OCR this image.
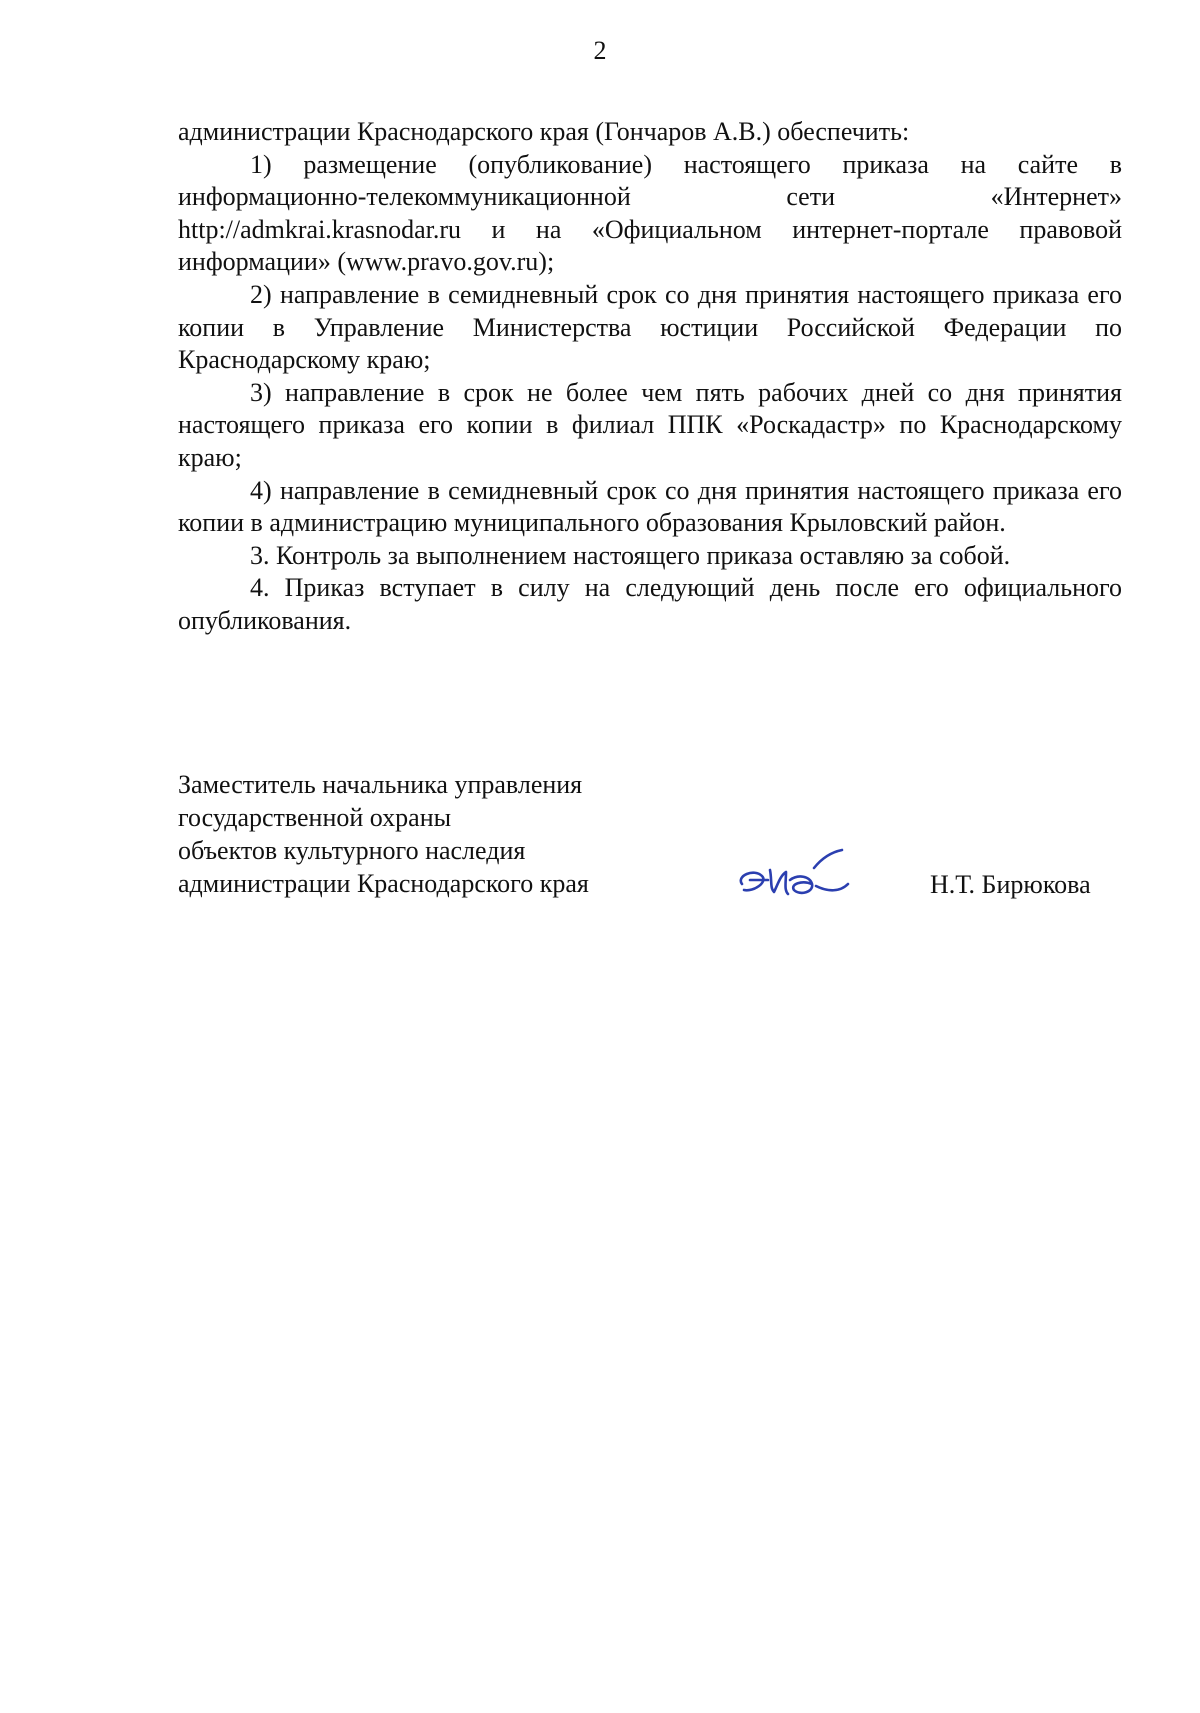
2

администрации Краснодарского края (Гончаров А.В.) обеспечить:

1) размещение (опубликование) настоящего приказа на сайте в информационно-телекоммуникационной сети «Интернет»

http://admkrai.krasnodar.ru и на «Официальном интернет-портале правовой информации» (www.pravo.gov.ru);

2) направление в семидневный срок со дня принятия настоящего приказа его копии в Управление Министерства юстиции Российской Федерации по Краснодарскому краю;

3) направление в срок не более чем пять рабочих дней со дня принятия настоящего приказа его копии в филиал ППК «Роскадастр» по Краснодарскому краю;

4) направление в семидневный срок со дня принятия настоящего приказа его копии в администрацию муниципального образования Крыловский район.

3. Контроль за выполнением настоящего приказа оставляю за собой.

4. Приказ вступает в силу на следующий день после его официального опубликования.

Заместитель начальника управления
государственной охраны
объектов культурного наследия
администрации Краснодарского края	Н.Т. Бирюкова
